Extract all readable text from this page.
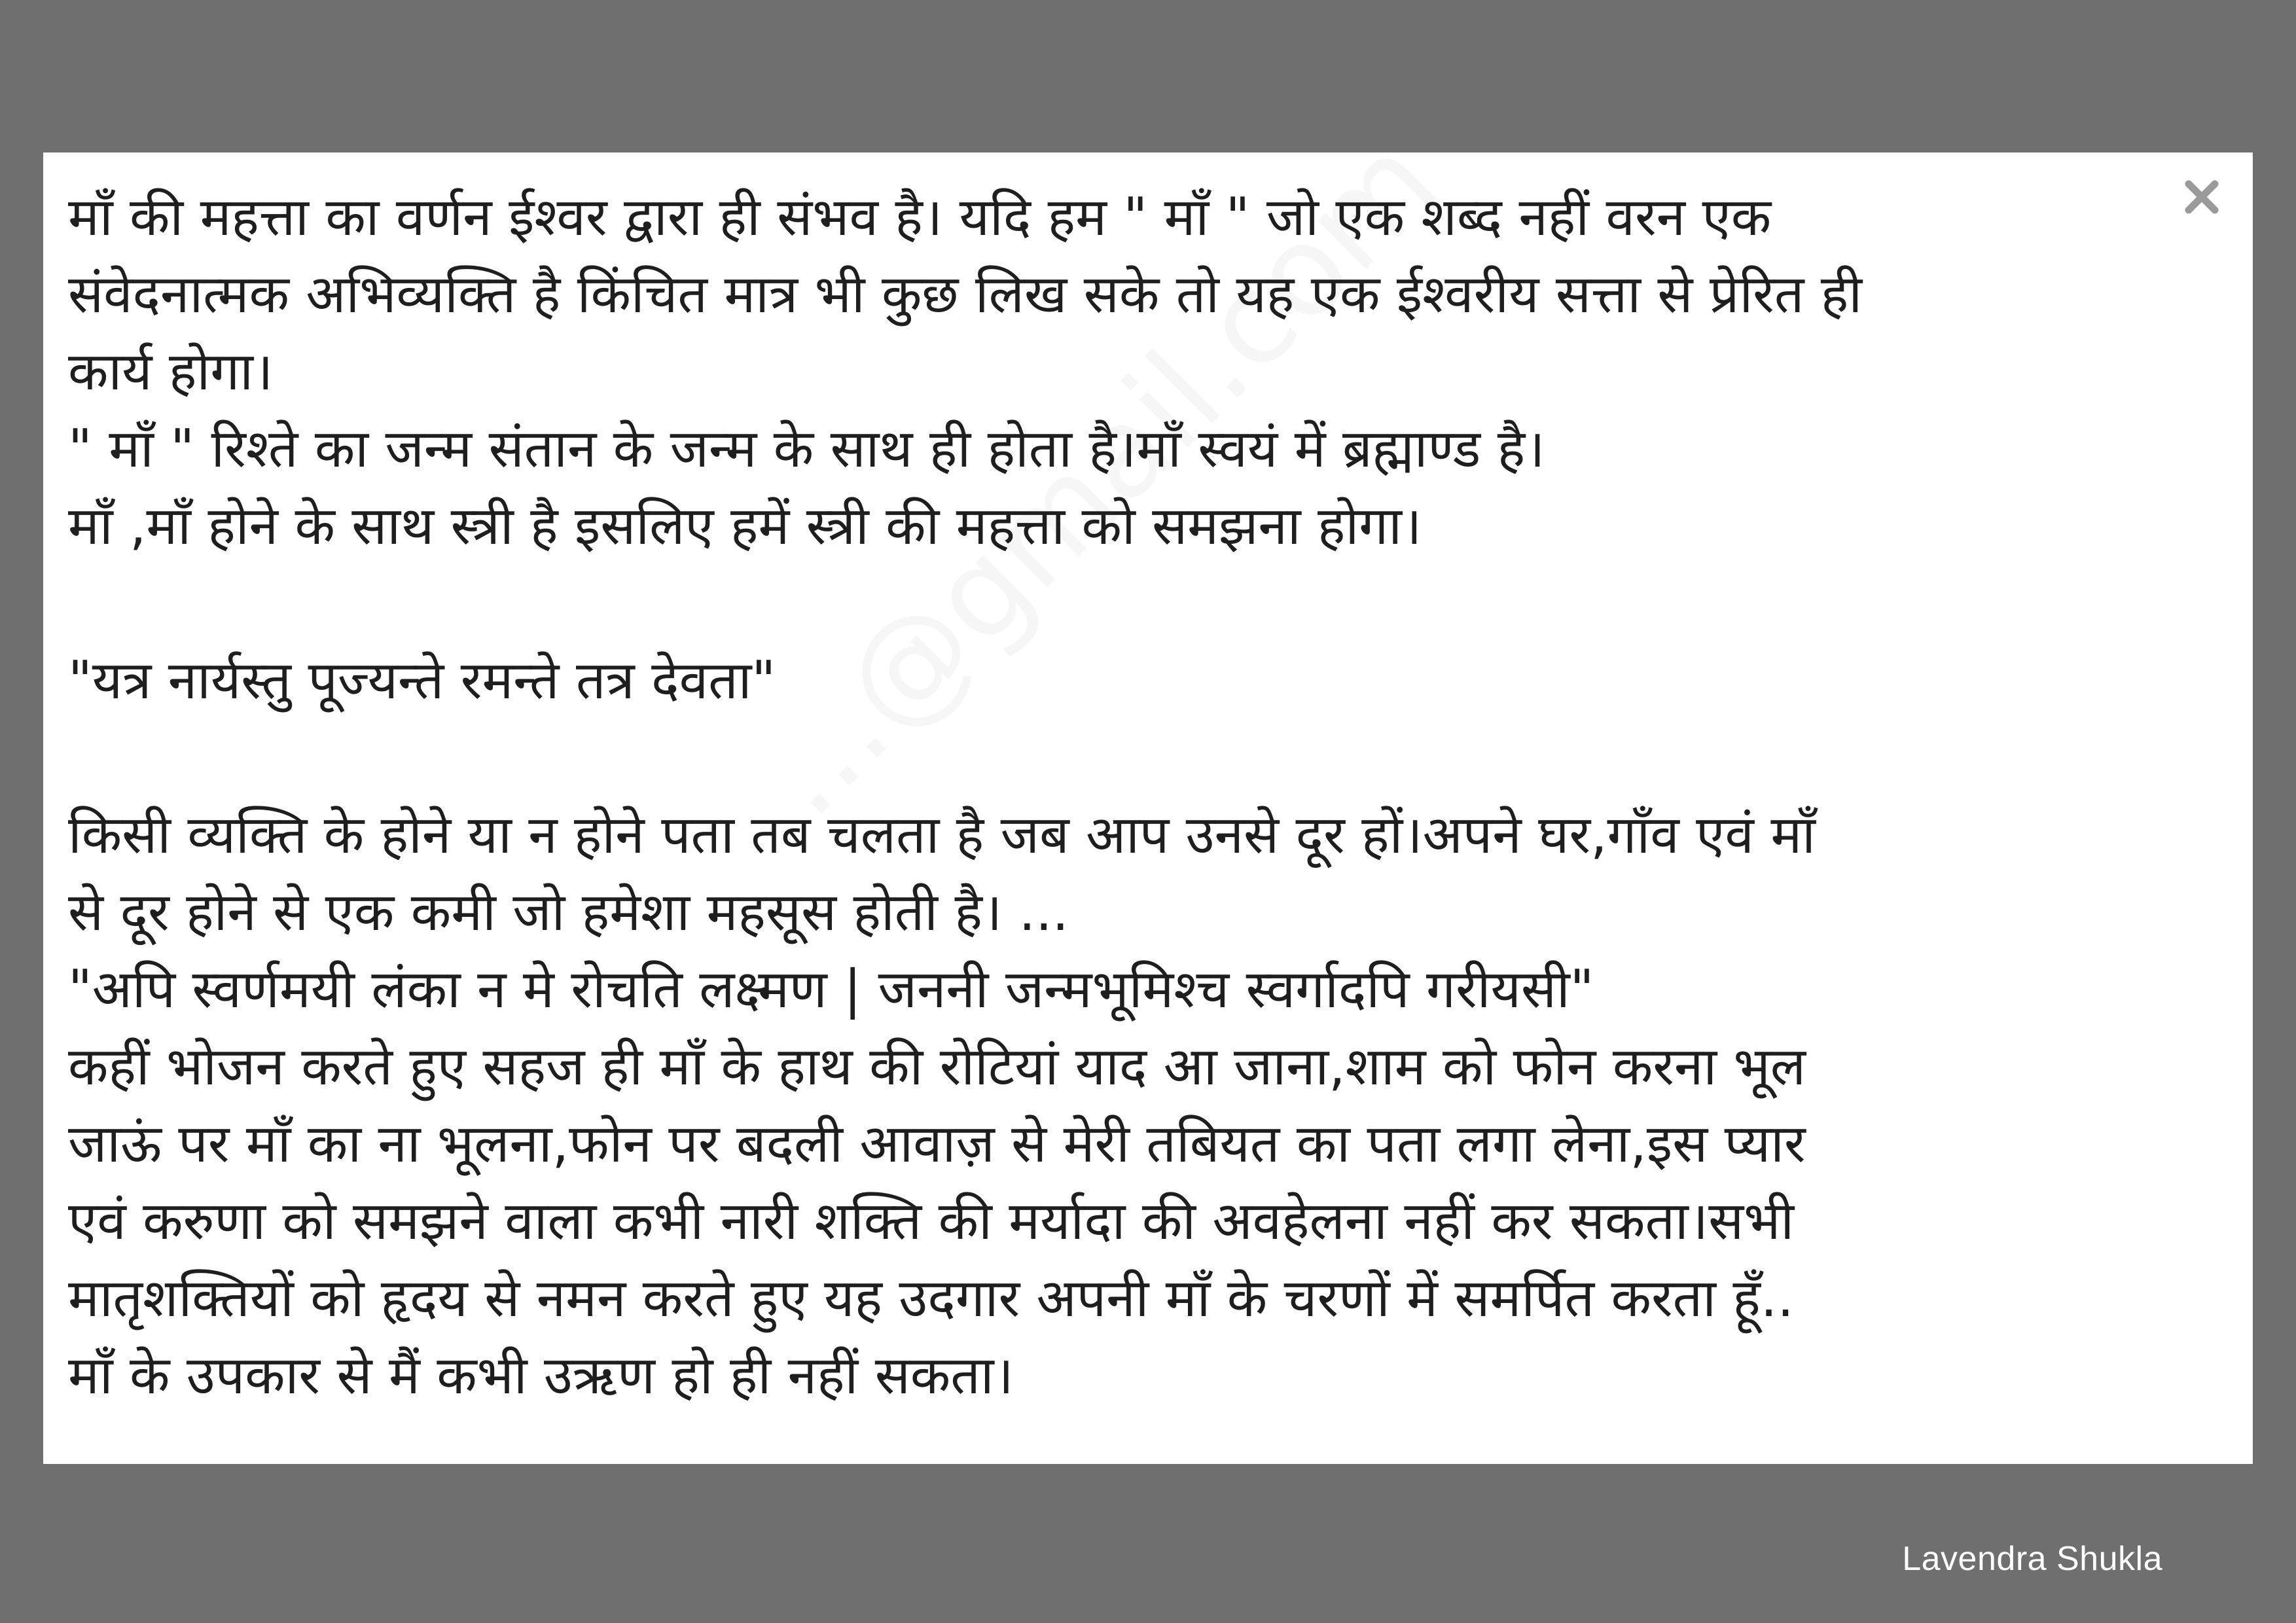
माँ की महत्ता का वर्णन ईश्वर द्वारा ही संभव है। यदि हम " माँ " जो एक शब्द नहीं वरन एक
संवेदनात्मक अभिव्यक्ति है किंचित मात्र भी कुछ लिख सके तो यह एक ईश्वरीय सत्ता से प्रेरित ही
कार्य होगा।
" माँ " रिश्ते का जन्म संतान के जन्म के साथ ही होता है।माँ स्वयं में ब्रह्माण्ड है।
माँ ,माँ होने के साथ स्त्री है इसलिए हमें स्त्री की महत्ता को समझना होगा।
"यत्र नार्यस्तु पूज्यन्ते रमन्ते तत्र देवता"
किसी व्यक्ति के होने या न होने पता तब चलता है जब आप उनसे दूर हों।अपने घर,गाँव एवं माँ
से दूर होने से एक कमी जो हमेशा महसूस होती है। ...
"अपि स्वर्णमयी लंका न मे रोचति लक्ष्मण | जननी जन्मभूमिश्च स्वर्गादपि गरीयसी"
कहीं भोजन करते हुए सहज ही माँ के हाथ की रोटियां याद आ जाना,शाम को फोन करना भूल
जाऊं पर माँ का ना भूलना,फोन पर बदली आवाज़ से मेरी तबियत का पता लगा लेना,इस प्यार
एवं करुणा को समझने वाला कभी नारी शक्ति की मर्यादा की अवहेलना नहीं कर सकता।सभी
मातृशक्तियों को हृदय से नमन करते हुए यह उदगार अपनी माँ के चरणों में समर्पित करता हूँ..
माँ के उपकार से मैं कभी उऋण हो ही नहीं सकता।
Lavendra Shukla
